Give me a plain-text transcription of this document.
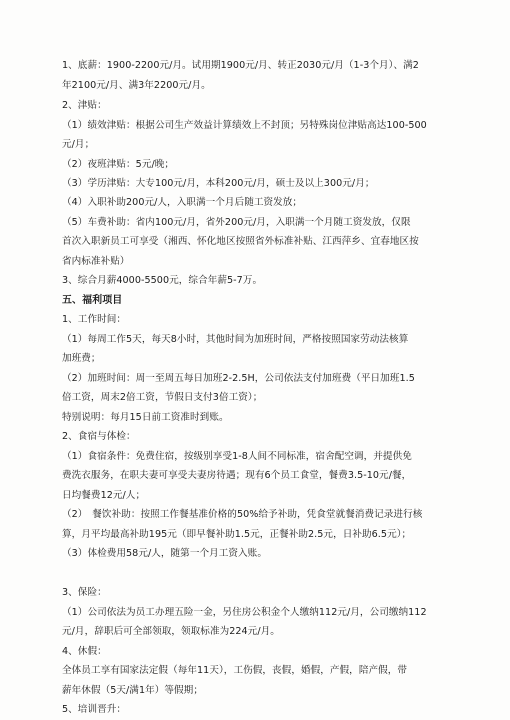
1、底薪：1900-2200元/月。试用期1900元/月、转正2030元/月（1-3个月）、满2
年2100元/月、满3年2200元/月。
2、津贴：
（1）绩效津贴：根据公司生产效益计算绩效上不封顶；另特殊岗位津贴高达100-500
元/月；
（2）夜班津贴：5元/晚；
（3）学历津贴：大专100元/月，本科200元/月，硕士及以上300元/月；
（4）入职补助200元/人，入职满一个月后随工资发放；
（5）车费补助：省内100元/月，省外200元/月，入职满一个月随工资发放，仅限
首次入职新员工可享受（湘西、怀化地区按照省外标准补贴、江西萍乡、宜春地区按
省内标准补贴）
3、综合月薪4000-5500元，综合年薪5-7万。
五、福利项目
1、工作时间：
（1）每周工作5天，每天8小时，其他时间为加班时间，严格按照国家劳动法核算
加班费；
（2）加班时间：周一至周五每日加班2-2.5H，公司依法支付加班费（平日加班1.5
倍工资，周末2倍工资，节假日支付3倍工资）；
特别说明：每月15日前工资准时到账。
2、食宿与体检：
（1）食宿条件：免费住宿，按级别享受1-8人间不同标准，宿舍配空调，并提供免
费洗衣服务，在职夫妻可享受夫妻房待遇；现有6个员工食堂，餐费3.5-10元/餐，
日均餐费12元/人；
（2）　餐饮补助：按照工作餐基准价格的50%给予补助，凭食堂就餐消费记录进行核
算，月平均最高补助195元（即早餐补助1.5元，正餐补助2.5元，日补助6.5元）；
（3）体检费用58元/人，随第一个月工资入账。
3、保险：
（1）公司依法为员工办理五险一金，另住房公积金个人缴纳112元/月，公司缴纳112
元/月，辞职后可全部领取，领取标准为224元/月。
4、休假：
全体员工享有国家法定假（每年11天），工伤假，丧假，婚假，产假，陪产假，带
薪年休假（5天/满1年）等假期；
5、培训晋升：
